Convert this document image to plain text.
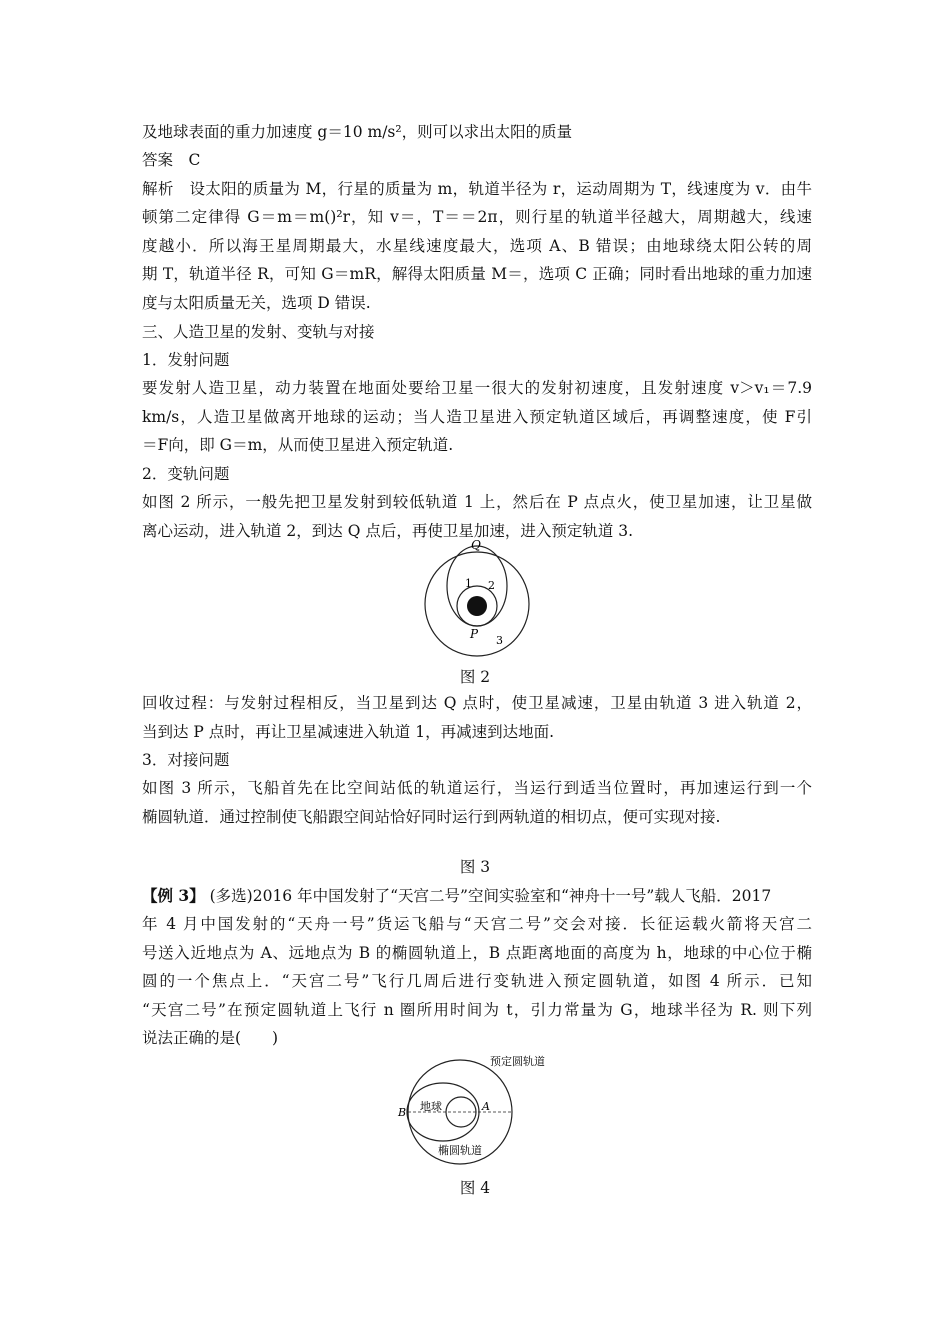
及地球表面的重力加速度 g＝10 m/s²，则可以求出太阳的质量
答案　C
解析　设太阳的质量为 M，行星的质量为 m，轨道半径为 r，运动周期为 T，线速度为 v．由牛
顿第二定律得 G＝m＝m()²r，知 v＝，T＝＝2π，则行星的轨道半径越大，周期越大，线速
度越小．所以海王星周期最大，水星线速度最大，选项 A、B 错误；由地球绕太阳公转的周
期 T，轨道半径 R，可知 G＝mR，解得太阳质量 M＝，选项 C 正确；同时看出地球的重力加速
度与太阳质量无关，选项 D 错误.
三、人造卫星的发射、变轨与对接
1．发射问题
要发射人造卫星，动力装置在地面处要给卫星一很大的发射初速度，且发射速度 v＞v₁＝7.9
km/s，人造卫星做离开地球的运动；当人造卫星进入预定轨道区域后，再调整速度，使 F引
＝F向，即 G＝m，从而使卫星进入预定轨道.
2．变轨问题
如图 2 所示，一般先把卫星发射到较低轨道 1 上，然后在 P 点点火，使卫星加速，让卫星做
离心运动，进入轨道 2，到达 Q 点后，再使卫星加速，进入预定轨道 3.
Q
1 2
P 3
图 2
回收过程：与发射过程相反，当卫星到达 Q 点时，使卫星减速，卫星由轨道 3 进入轨道 2，
当到达 P 点时，再让卫星减速进入轨道 1，再减速到达地面.
3．对接问题
如图 3 所示，飞船首先在比空间站低的轨道运行，当运行到适当位置时，再加速运行到一个
椭圆轨道．通过控制使飞船跟空间站恰好同时运行到两轨道的相切点，便可实现对接.
图 3
【例 3】 (多选)2016 年中国发射了“天宫二号”空间实验室和“神舟十一号”载人飞船．2017
年 4 月中国发射的“天舟一号”货运飞船与“天宫二号”交会对接．长征运载火箭将天宫二
号送入近地点为 A、远地点为 B 的椭圆轨道上，B 点距离地面的高度为 h，地球的中心位于椭
圆的一个焦点上．“天宫二号”飞行几周后进行变轨进入预定圆轨道，如图 4 所示．已知
“天宫二号”在预定圆轨道上飞行 n 圈所用时间为 t，引力常量为 G，地球半径为 R. 则下列
说法正确的是(　　)
预定圆轨道
B 地球	A
椭圆轨道
图 4
